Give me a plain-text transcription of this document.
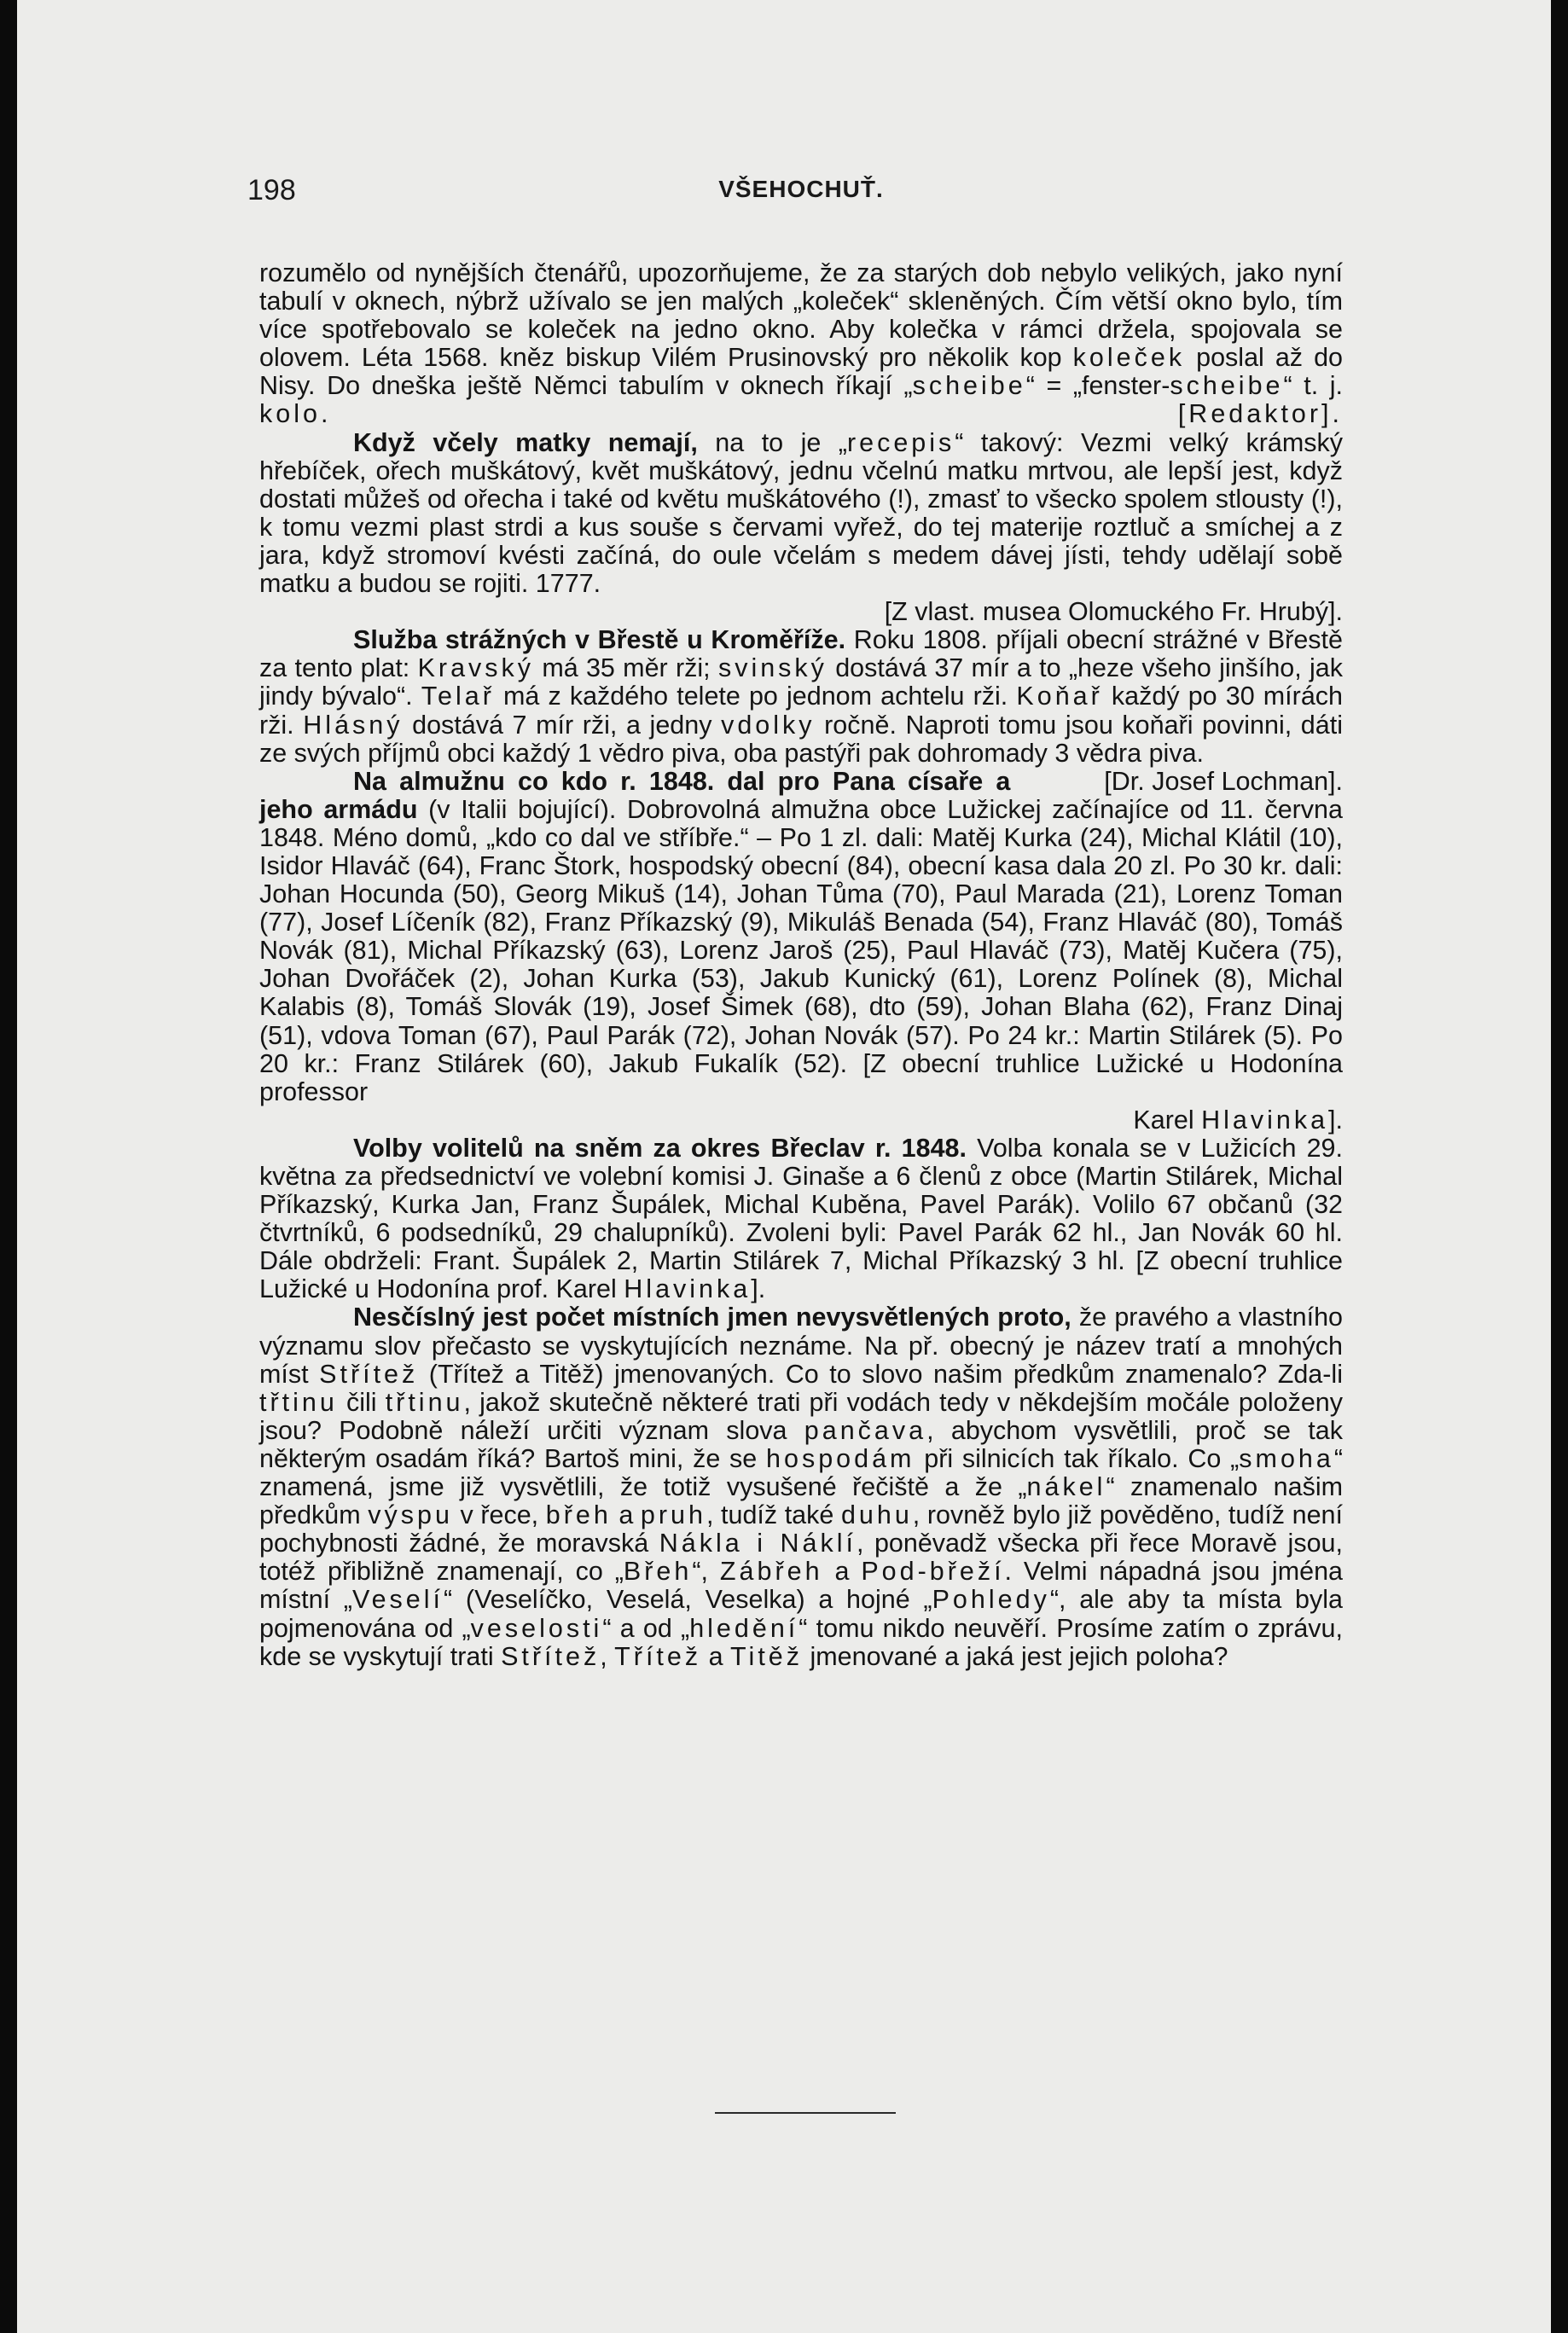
198	VŠEHOCHUŤ.

rozumělo od nynějších čtenářů, upozorňujeme, že za starých dob nebylo velikých, jako nyní tabulí v oknech, nýbrž užívalo se jen malých „koleček“ skleněných. Čím větší okno bylo, tím více spotřebovalo se koleček na jedno okno. Aby kolečka v rámci držela, spojovala se olovem. Léta 1568. kněz biskup Vilém Prusinovský pro několik kop koleček poslal až do Nisy. Do dneška ještě Němci tabulím v oknech říkají „scheibe“ = „fenster-scheibe“ t. j. kolo.	[Redaktor].

Když včely matky nemají, na to je „recepis“ takový: Vezmi velký krámský hřebíček, ořech muškátový, květ muškátový, jednu včelnú matku mrtvou, ale lepší jest, když dostati můžeš od ořecha i také od květu muškátového (!), zmasť to všecko spolem stlousty (!), k tomu vezmi plast strdi a kus souše s červami vyřež, do tej materije roztluč a smíchej a z jara, když stromoví kvésti začíná, do oule včelám s medem dávej jísti, tehdy udělají sobě matku a budou se rojiti. 1777.
[Z vlast. musea Olomuckého Fr. Hrubý].

Služba strážných v Břestě u Kroměříže. Roku 1808. příjali obecní strážné v Břestě za tento plat: Kravský má 35 měr rži; svinský dostává 37 mír a to „heze všeho jinšího, jak jindy bývalo“. Telař má z každého telete po jednom achtelu rži. Koňař každý po 30 mírách rži. Hlásný dostává 7 mír rži, a jedny vdolky ročně. Naproti tomu jsou koňaři povinni, dáti ze svých příjmů obci každý 1 vědro piva, oba pastýři pak dohromady 3 vědra piva.
[Dr. Josef Lochman].

Na almužnu co kdo r. 1848. dal pro Pana císaře a jeho armádu (v Italii bojující). Dobrovolná almužna obce Lužickej začínajíce od 11. června 1848. Méno domů, „kdo co dal ve stříbře.“ – Po 1 zl. dali: Matěj Kurka (24), Michal Klátil (10), Isidor Hlaváč (64), Franc Štork, hospodský obecní (84), obecní kasa dala 20 zl. Po 30 kr. dali: Johan Hocunda (50), Georg Mikuš (14), Johan Tůma (70), Paul Marada (21), Lorenz Toman (77), Josef Líčeník (82), Franz Příkazský (9), Mikuláš Benada (54), Franz Hlaváč (80), Tomáš Novák (81), Michal Příkazský (63), Lorenz Jaroš (25), Paul Hlaváč (73), Matěj Kučera (75), Johan Dvořáček (2), Johan Kurka (53), Jakub Kunický (61), Lorenz Polínek (8), Michal Kalabis (8), Tomáš Slovák (19), Josef Šimek (68), dto (59), Johan Blaha (62), Franz Dinaj (51), vdova Toman (67), Paul Parák (72), Johan Novák (57). Po 24 kr.: Martin Stilárek (5). Po 20 kr.: Franz Stilárek (60), Jakub Fukalík (52). [Z obecní truhlice Lužické u Hodonína professor
Karel Hlavinka].

Volby volitelů na sněm za okres Břeclav r. 1848. Volba konala se v Lužicích 29. května za předsednictví ve volební komisi J. Ginaše a 6 členů z obce (Martin Stilárek, Michal Příkazský, Kurka Jan, Franz Šupálek, Michal Kuběna, Pavel Parák). Volilo 67 občanů (32 čtvrtníků, 6 podsedníků, 29 chalupníků). Zvoleni byli: Pavel Parák 62 hl., Jan Novák 60 hl. Dále obdrželi: Frant. Šupálek 2, Martin Stilárek 7, Michal Příkazský 3 hl. [Z obecní truhlice Lužické u Hodonína prof. Karel Hlavinka].

Nesčíslný jest počet místních jmen nevysvětlených proto, že pravého a vlastního významu slov přečasto se vyskytujících neznáme. Na př. obecný je název tratí a mnohých míst Střítež (Třítež a Titěž) jmenovaných. Co to slovo našim předkům znamenalo? Zda-li třtinu čili třtinu, jakož skutečně některé trati při vodách tedy v někdejším močále položeny jsou? Podobně náleží určiti význam slova pančava, abychom vysvětlili, proč se tak některým osadám říká? Bartoš mini, že se hospodám při silnicích tak říkalo. Co „smoha“ znamená, jsme již vysvětlili, že totiž vysušené řečiště a že „nákel“ znamenalo našim předkům výspu v řece, břeh a pruh, tudíž také duhu, rovněž bylo již pověděno, tudíž není pochybnosti žádné, že moravská Nákla i Náklí, poněvadž všecka při řece Moravě jsou, totéž přibližně znamenají, co „Břeh“, Zábřeh a Pod-břeží. Velmi nápadná jsou jména místní „Veselí“ (Veselíčko, Veselá, Veselka) a hojné „Pohledy“, ale aby ta místa byla pojmenována od „veselosti“ a od „hledění“ tomu nikdo neuvěří. Prosíme zatím o zprávu, kde se vyskytují trati Střítež, Třítež a Titěž jmenované a jaká jest jejich poloha?
